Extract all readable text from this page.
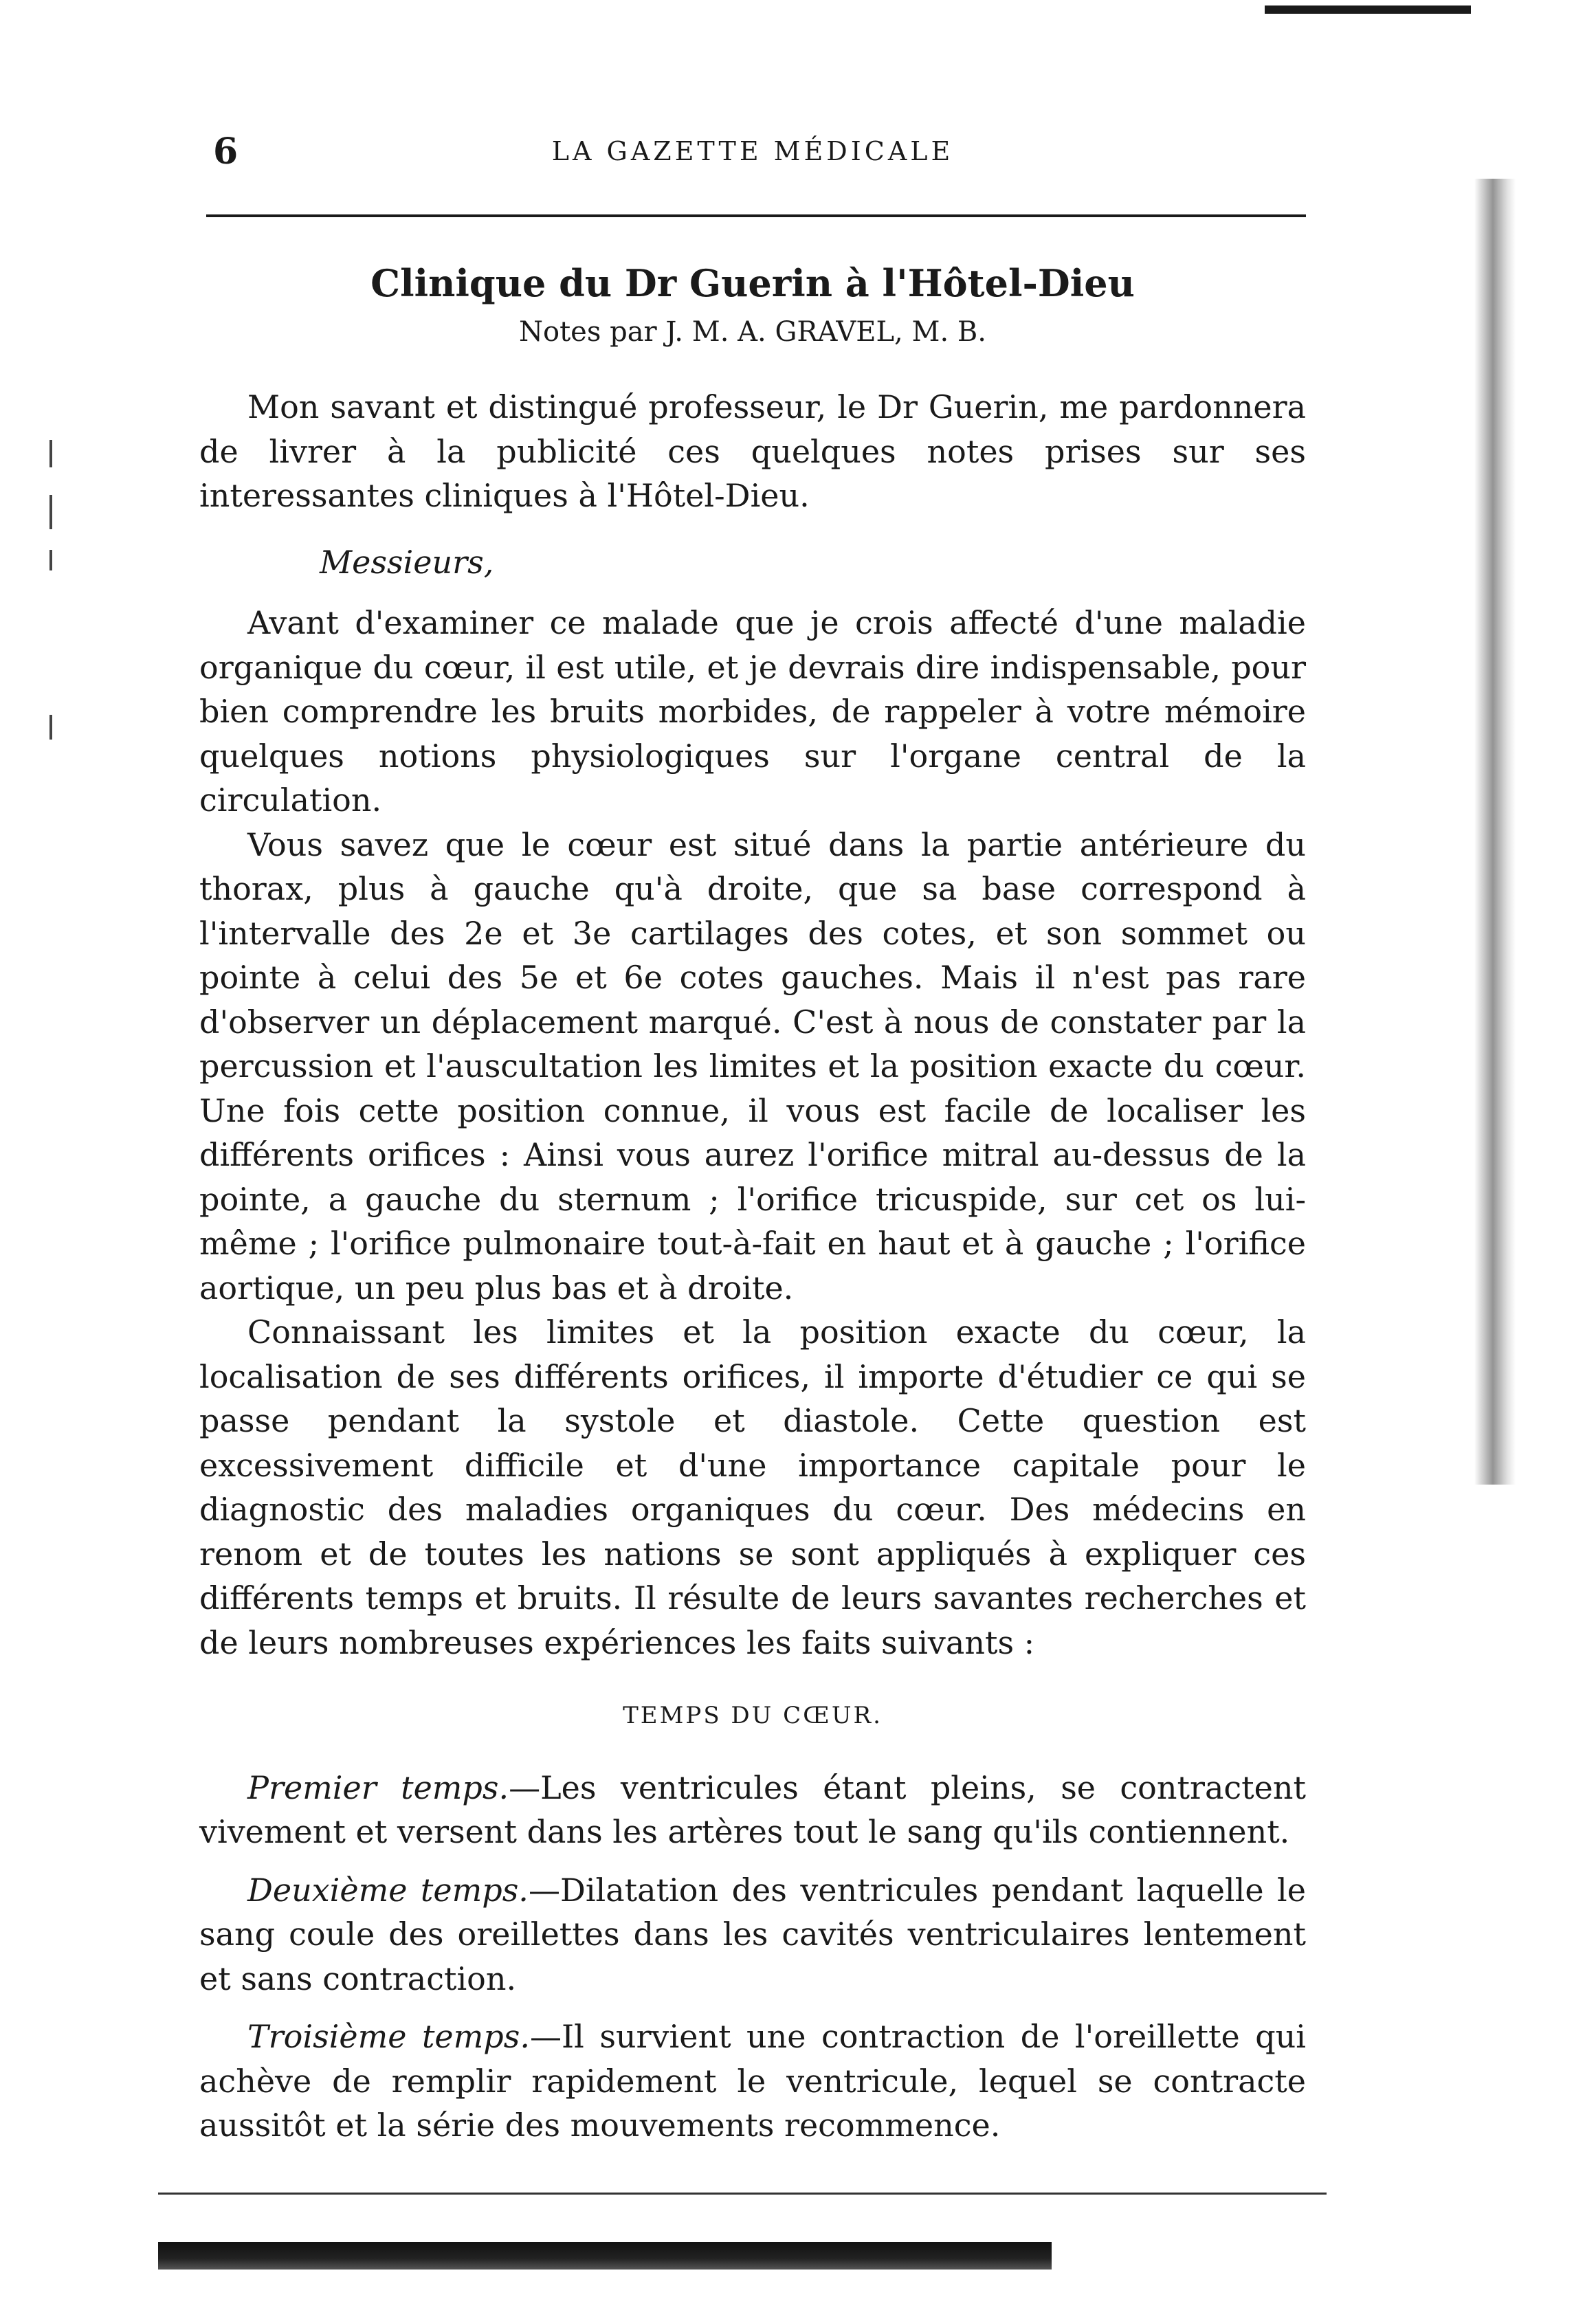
6	LA GAZETTE MÉDICALE
Clinique du Dr Guerin à l'Hôtel-Dieu
Notes par J. M. A. GRAVEL, M. B.

Mon savant et distingué professeur, le Dr Guerin, me pardonnera de livrer à la publicité ces quelques notes prises sur ses interessantes cliniques à l'Hôtel-Dieu.

Messieurs,

Avant d'examiner ce malade que je crois affecté d'une maladie organique du cœur, il est utile, et je devrais dire indispensable, pour bien comprendre les bruits morbides, de rappeler à votre mémoire quelques notions physiologiques sur l'organe central de la circulation.

Vous savez que le cœur est situé dans la partie antérieure du thorax, plus à gauche qu'à droite, que sa base correspond à l'intervalle des 2e et 3e cartilages des cotes, et son sommet ou pointe à celui des 5e et 6e cotes gauches. Mais il n'est pas rare d'observer un déplacement marqué. C'est à nous de constater par la percussion et l'auscultation les limites et la position exacte du cœur. Une fois cette position connue, il vous est facile de localiser les différents orifices : Ainsi vous aurez l'orifice mitral au-dessus de la pointe, a gauche du sternum ; l'orifice tricuspide, sur cet os lui-même ; l'orifice pulmonaire tout-à-fait en haut et à gauche ; l'orifice aortique, un peu plus bas et à droite.

Connaissant les limites et la position exacte du cœur, la localisation de ses différents orifices, il importe d'étudier ce qui se passe pendant la systole et diastole. Cette question est excessivement difficile et d'une importance capitale pour le diagnostic des maladies organiques du cœur. Des médecins en renom et de toutes les nations se sont appliqués à expliquer ces différents temps et bruits. Il résulte de leurs savantes recherches et de leurs nombreuses expériences les faits suivants :

TEMPS DU CŒUR.

Premier temps.—Les ventricules étant pleins, se contractent vivement et versent dans les artères tout le sang qu'ils contiennent.

Deuxième temps.—Dilatation des ventricules pendant laquelle le sang coule des oreillettes dans les cavités ventriculaires lentement et sans contraction.

Troisième temps.—Il survient une contraction de l'oreillette qui achève de remplir rapidement le ventricule, lequel se contracte aussitôt et la série des mouvements recommence.
